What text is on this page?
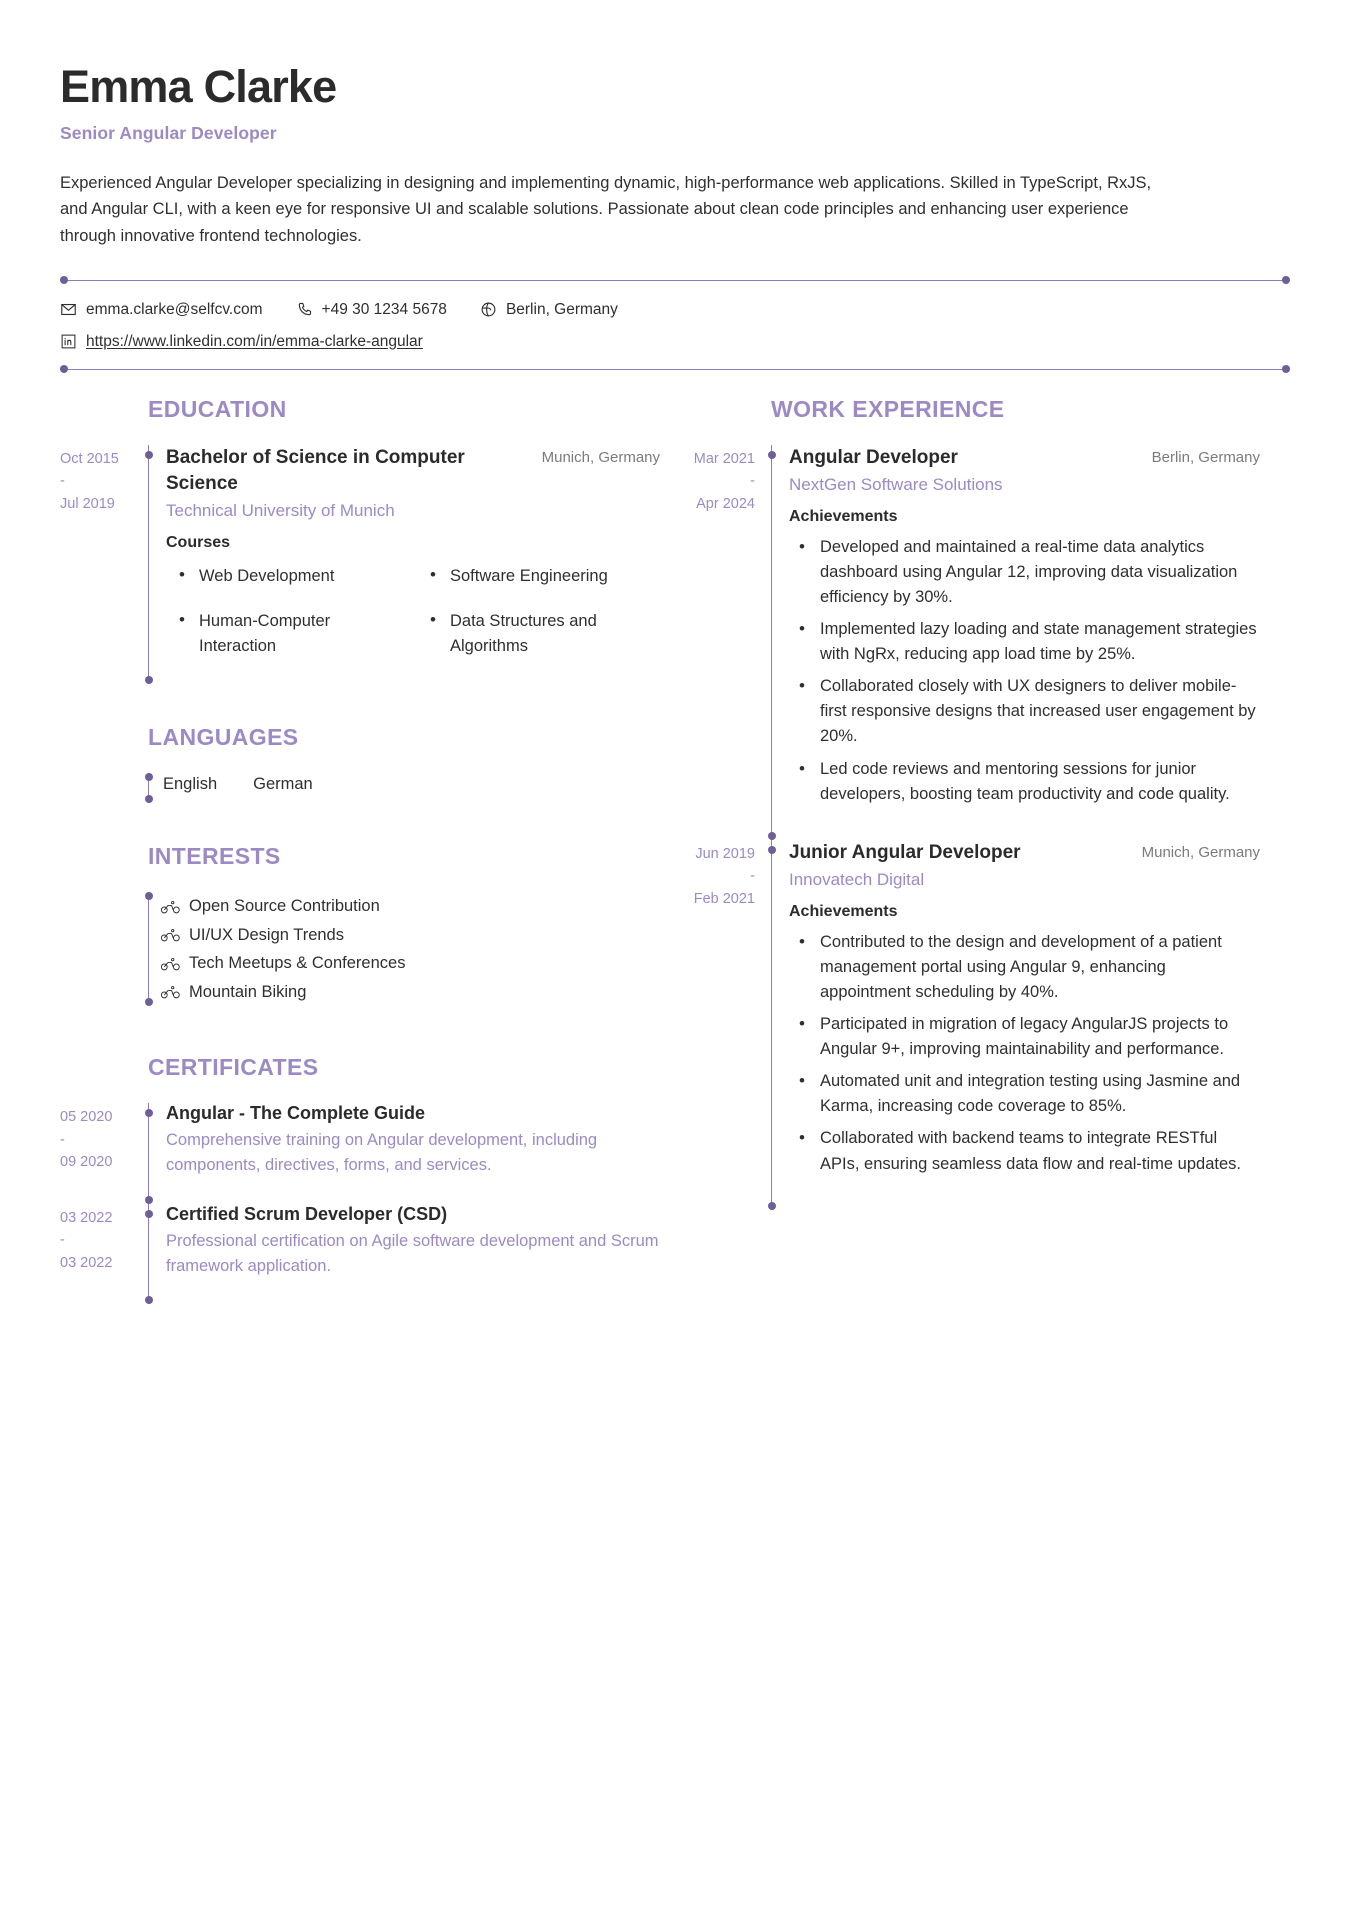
Emma Clarke
Senior Angular Developer

Experienced Angular Developer specializing in designing and implementing dynamic, high-performance web applications. Skilled in TypeScript, RxJS, and Angular CLI, with a keen eye for responsive UI and scalable solutions. Passionate about clean code principles and enhancing user experience through innovative frontend technologies.

emma.clarke@selfcv.com	+49 30 1234 5678	Berlin, Germany
https://www.linkedin.com/in/emma-clarke-angular
EDUCATION
Oct 2015
-
Jul 2019
Bachelor of Science in Computer Science
Munich, Germany
Technical University of Munich
Courses
• Web Development	• Software Engineering
• Human-Computer Interaction
• Data Structures and Algorithms
LANGUAGES
English German
INTERESTS
Open Source Contribution
UI/UX Design Trends
Tech Meetups & Conferences
Mountain Biking
CERTIFICATES
05 2020
-
09 2020
Angular - The Complete Guide
Comprehensive training on Angular development, including components, directives, forms, and services.
03 2022
-
03 2022
Certified Scrum Developer (CSD)
Professional certification on Agile software development and Scrum framework application.
WORK EXPERIENCE
Mar 2021
-
Apr 2024
Angular Developer	Berlin, Germany
NextGen Software Solutions
Achievements
• Developed and maintained a real-time data analytics dashboard using Angular 12, improving data visualization efficiency by 30%.
• Implemented lazy loading and state management strategies with NgRx, reducing app load time by 25%.
• Collaborated closely with UX designers to deliver mobile-first responsive designs that increased user engagement by 20%.
• Led code reviews and mentoring sessions for junior developers, boosting team productivity and code quality.
Jun 2019
-
Feb 2021
Junior Angular Developer	Munich, Germany
Innovatech Digital
Achievements
• Contributed to the design and development of a patient management portal using Angular 9, enhancing appointment scheduling by 40%.
• Participated in migration of legacy AngularJS projects to Angular 9+, improving maintainability and performance.
• Automated unit and integration testing using Jasmine and Karma, increasing code coverage to 85%.
• Collaborated with backend teams to integrate RESTful APIs, ensuring seamless data flow and real-time updates.
